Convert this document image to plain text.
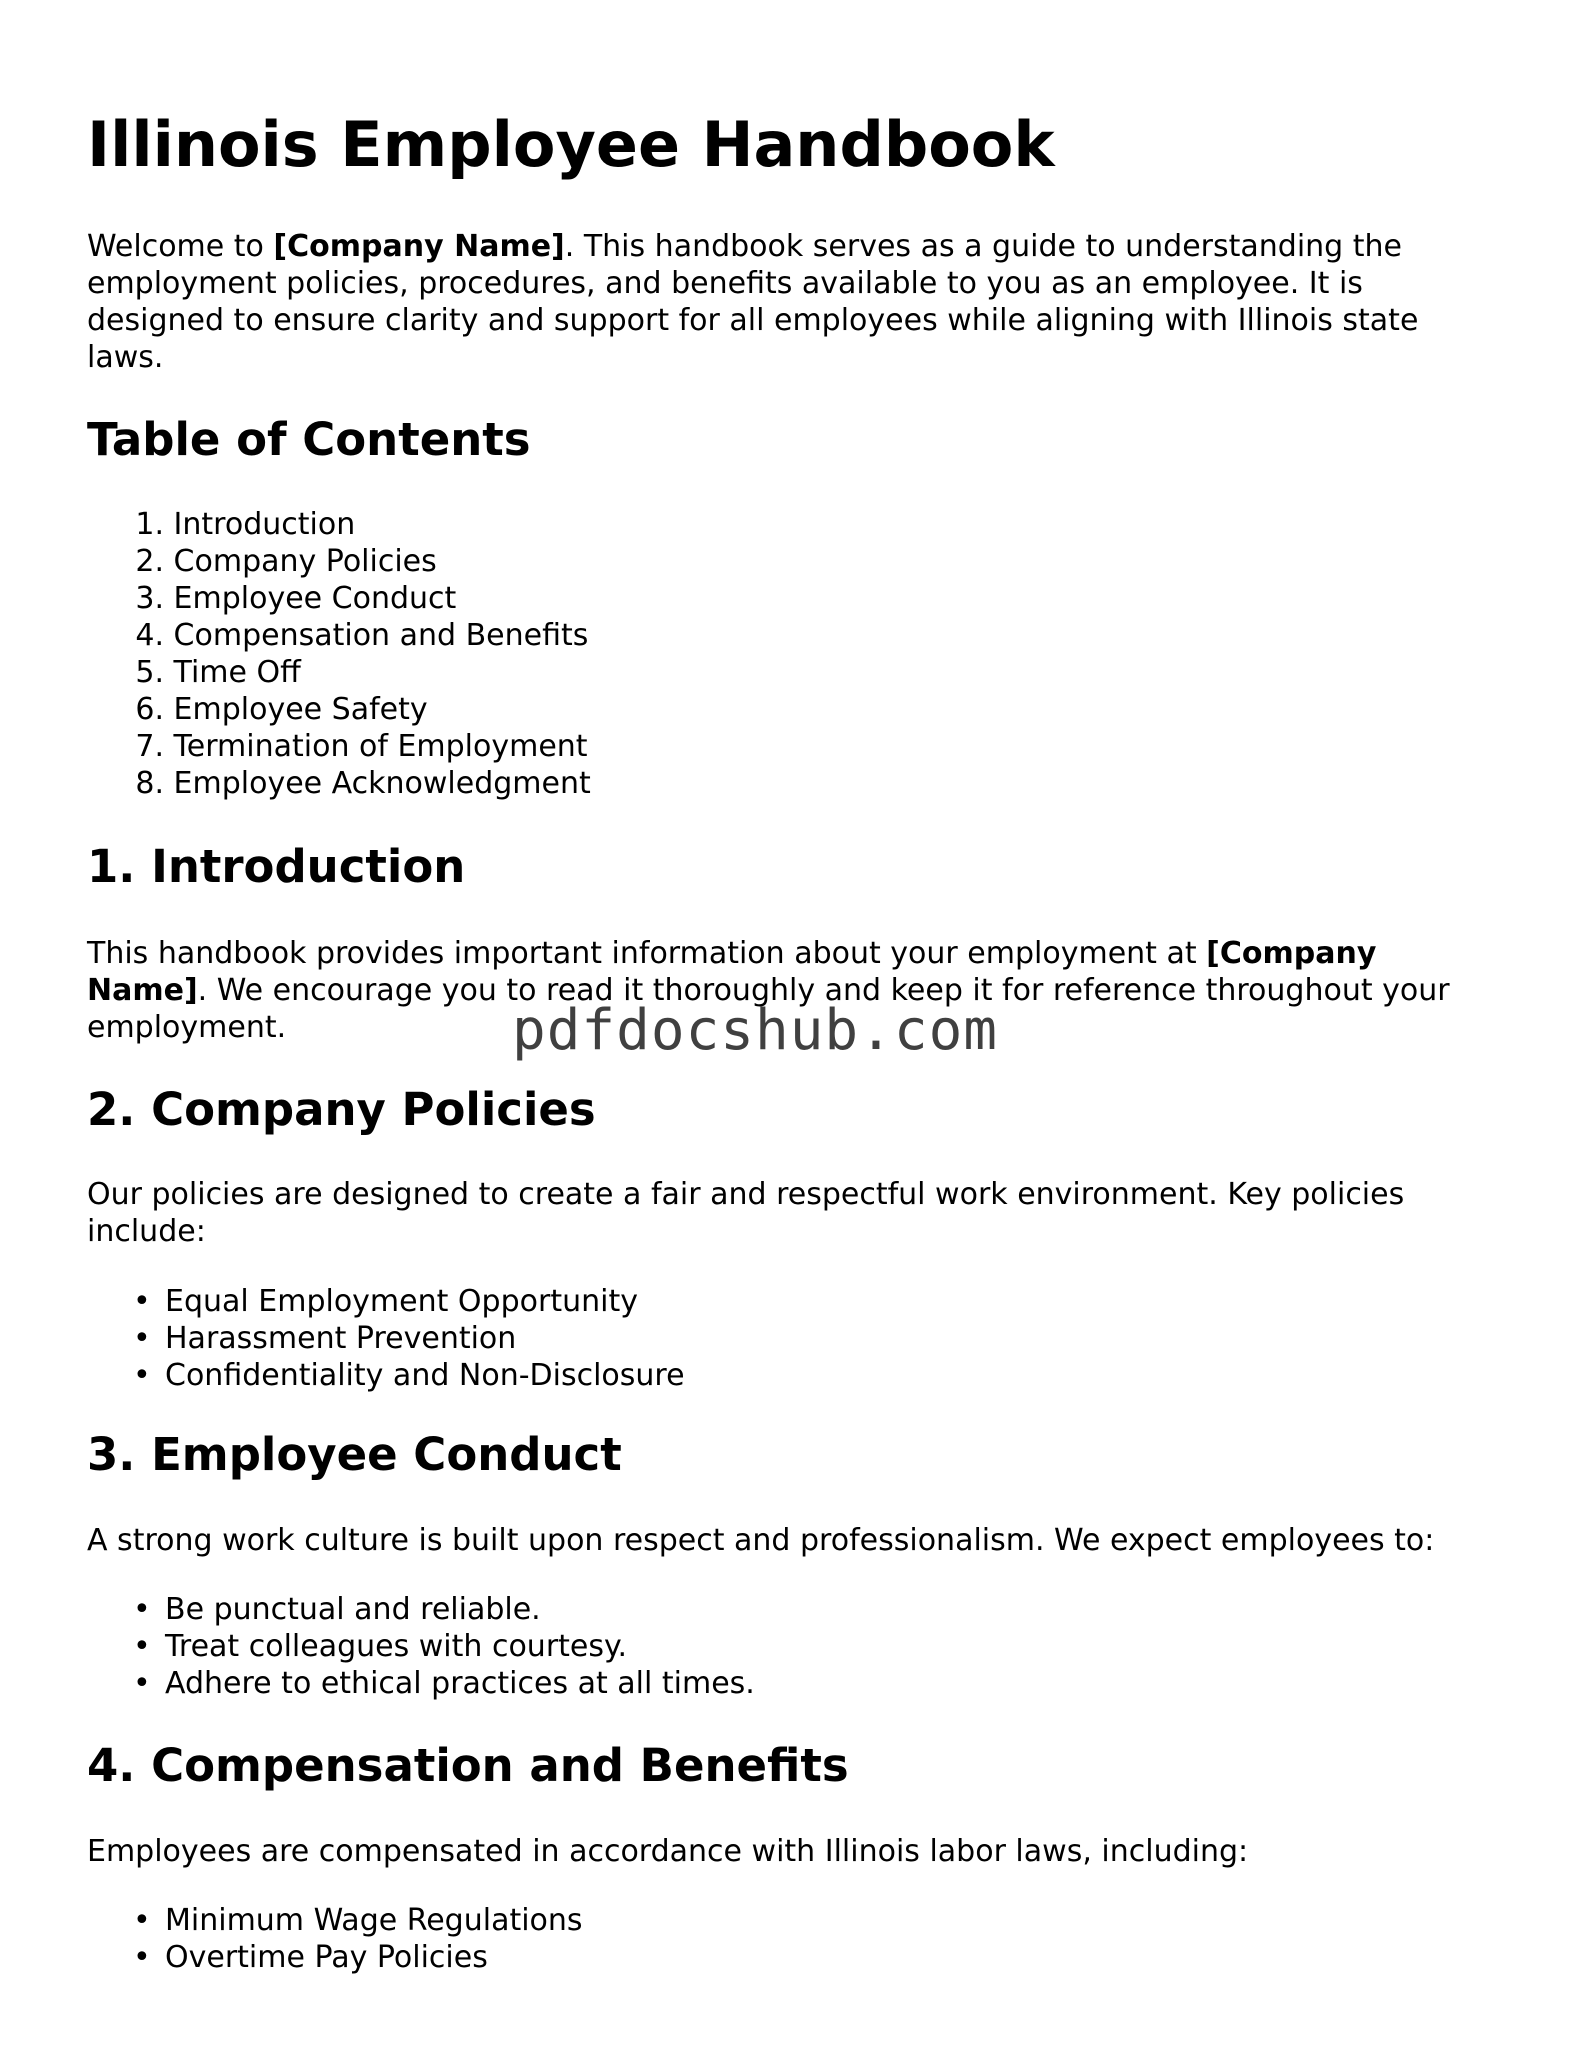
Illinois Employee Handbook

Welcome to [Company Name]. This handbook serves as a guide to understanding the employment policies, procedures, and benefits available to you as an employee. It is designed to ensure clarity and support for all employees while aligning with Illinois state laws.

Table of Contents
1. Introduction
2. Company Policies
3. Employee Conduct
4. Compensation and Benefits
5. Time Off
6. Employee Safety
7. Termination of Employment
8. Employee Acknowledgment
1. Introduction

This handbook provides important information about your employment at [Company Name]. We encourage you to read it thoroughly and keep it for reference throughout your employment.

2. Company Policies

Our policies are designed to create a fair and respectful work environment. Key policies include:

• Equal Employment Opportunity
• Harassment Prevention
• Confidentiality and Non-Disclosure
3. Employee Conduct

A strong work culture is built upon respect and professionalism. We expect employees to:

• Be punctual and reliable.
• Treat colleagues with courtesy.
• Adhere to ethical practices at all times.
4. Compensation and Benefits

Employees are compensated in accordance with Illinois labor laws, including:

• Minimum Wage Regulations
• Overtime Pay Policies
pdfdocshub.com
